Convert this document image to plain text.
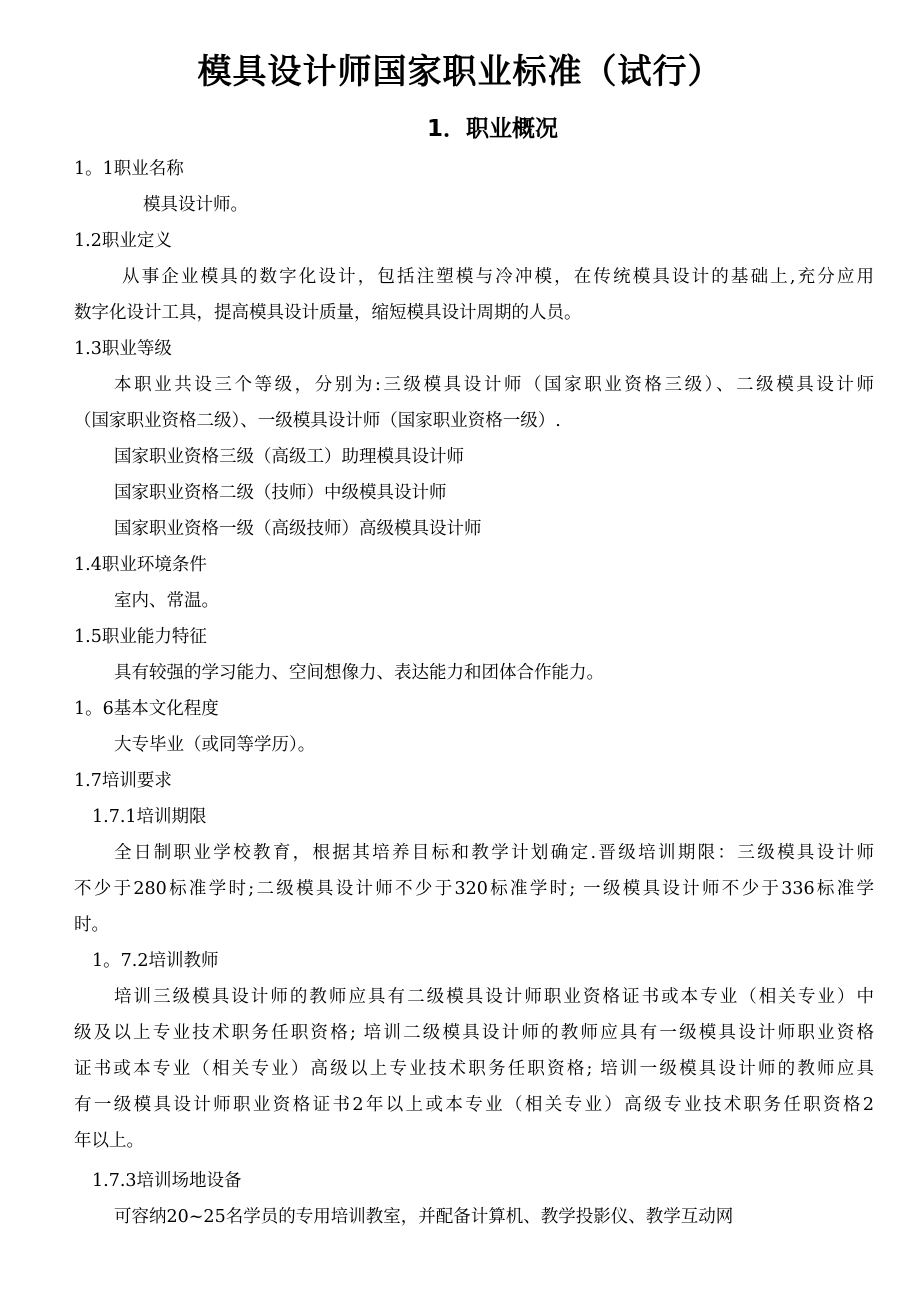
模具设计师国家职业标准（试行）
1．职业概况
1。1职业名称
模具设计师。
1.2职业定义
从事企业模具的数字化设计，包括注塑模与冷冲模，在传统模具设计的基础上,充分应用
数字化设计工具，提高模具设计质量，缩短模具设计周期的人员。
1.3职业等级
本职业共设三个等级，分别为:三级模具设计师（国家职业资格三级）、二级模具设计师
（国家职业资格二级）、一级模具设计师（国家职业资格一级）.
国家职业资格三级（高级工）助理模具设计师
国家职业资格二级（技师）中级模具设计师
国家职业资格一级（高级技师）高级模具设计师
1.4职业环境条件
室内、常温。
1.5职业能力特征
具有较强的学习能力、空间想像力、表达能力和团体合作能力。
1。6基本文化程度
大专毕业（或同等学历）。
1.7培训要求
1.7.1培训期限
全日制职业学校教育，根据其培养目标和教学计划确定.晋级培训期限：三级模具设计师
不少于280标准学时;二级模具设计师不少于320标准学时; 一级模具设计师不少于336标准学
时。
1。7.2培训教师
培训三级模具设计师的教师应具有二级模具设计师职业资格证书或本专业（相关专业）中
级及以上专业技术职务任职资格; 培训二级模具设计师的教师应具有一级模具设计师职业资格
证书或本专业（相关专业）高级以上专业技术职务任职资格; 培训一级模具设计师的教师应具
有一级模具设计师职业资格证书2年以上或本专业（相关专业）高级专业技术职务任职资格2
年以上。
1.7.3培训场地设备
可容纳20~25名学员的专用培训教室，并配备计算机、教学投影仪、教学互动网
